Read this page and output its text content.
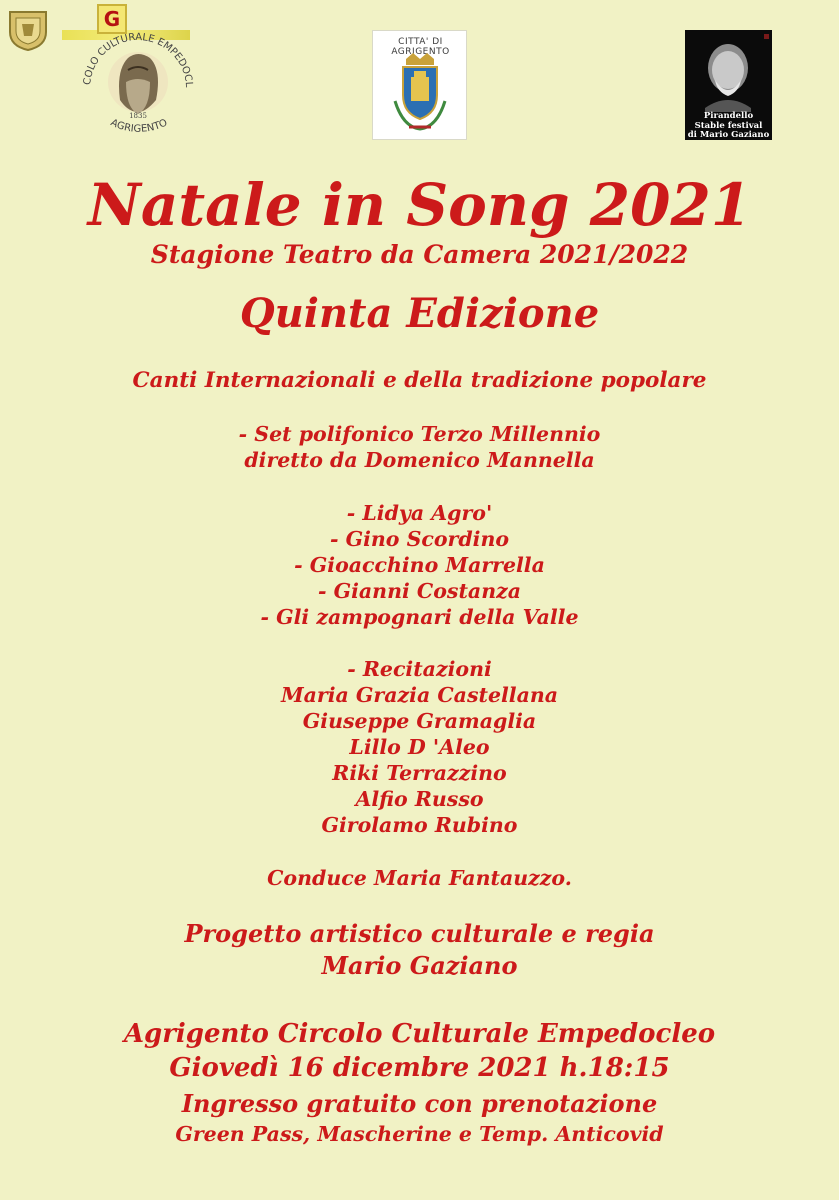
G
COLO CULTURALE EMPEDOCL
1835
AGRIGENTO
CITTA' DI AGRIGENTO
Pirandello
Stable festival
di Mario Gaziano
Natale in Song 2021
Stagione Teatro da Camera 2021/2022
Quinta Edizione
Canti Internazionali e della tradizione popolare
- Set polifonico Terzo Millennio
diretto da Domenico Mannella
- Lidya Agro'
- Gino Scordino
- Gioacchino Marrella
- Gianni Costanza
- Gli zampognari della Valle
- Recitazioni
Maria Grazia Castellana
Giuseppe Gramaglia
Lillo D 'Aleo
Riki Terrazzino
Alfio Russo
Girolamo Rubino
Conduce Maria Fantauzzo.
Progetto artistico culturale e regia
Mario Gaziano
Agrigento Circolo Culturale Empedocleo
Giovedì 16 dicembre 2021 h.18:15
Ingresso gratuito con prenotazione
Green Pass, Mascherine e Temp. Anticovid
